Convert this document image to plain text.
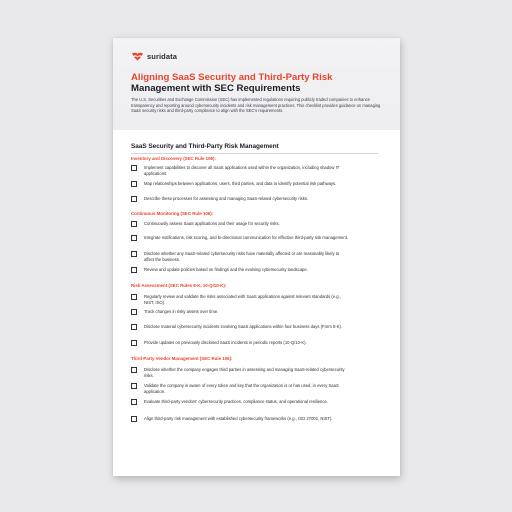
suridata
Aligning SaaS Security and Third-Party Risk
Management with SEC Requirements
The U.S. Securities and Exchange Commission (SEC) has implemented regulations requiring publicly traded companies to enhance transparency and reporting around cybersecurity incidents and risk management practices. This checklist provides guidance on managing SaaS security risks and third-party compliance to align with the SEC's requirements.
SaaS Security and Third-Party Risk Management
Inventory and Discovery (SEC Rule 106):
Implement capabilities to discover all SaaS applications used within the organization, including shadow IT applications.
Map relationships between applications, users, third parties, and data to identify potential risk pathways.
Describe these processes for assessing and managing SaaS-related cybersecurity risks.
Continuous Monitoring (SEC Rule 106):
Continuously assess SaaS applications and their usage for security risks.
Integrate notifications, risk scoring, and bi-directional communication for effective third-party risk management.
Disclose whether any SaaS-related cybersecurity risks have materially affected or are reasonably likely to affect the business.
Review and update policies based on findings and the evolving cybersecurity landscape.
Risk Assessment (SEC Rules 8-K, 10-Q/10-K):
Regularly review and validate the risks associated with SaaS applications against relevant standards (e.g., NIST, ISO).
Track changes in risky assets over time.
Disclose material cybersecurity incidents involving SaaS applications within four business days (Form 8-K).
Provide updates on previously disclosed SaaS incidents in periodic reports (10-Q/10-K).
Third-Party Vendor Management (SEC Rule 106):
Disclose whether the company engages third parties in assessing and managing SaaS-related cybersecurity risks.
Validate the company is aware of every token and key that the organization is or has used, in every SaaS application.
Evaluate third-party vendors' cybersecurity practices, compliance status, and operational resilience.
Align third-party risk management with established cybersecurity frameworks (e.g., ISO 27001, NIST).
